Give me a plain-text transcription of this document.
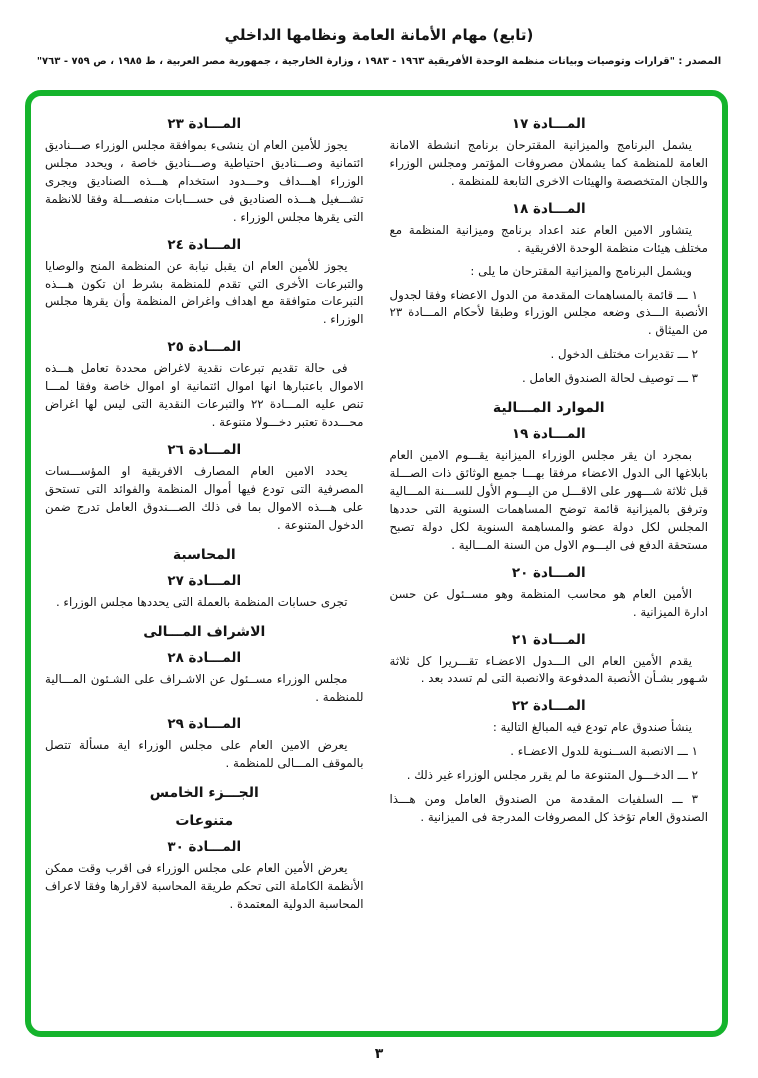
(تابع) مهام الأمانة العامة ونظامها الداخلي
المصدر : "قرارات وتوصيات وبيانات منظمة الوحدة الأفريقية ١٩٦٣ - ١٩٨٣ ، وزارة الخارجية ، جمهورية مصر العربية ، ط ١٩٨٥ ، ص ٧٥٩ - ٧٦٣"
المـــادة ١٧
يشمل البرنامج والميزانية المقترحان برنامج انشطة الامانة العامة للمنظمة كما يشملان مصروفات المؤتمر ومجلس الوزراء واللجان المتخصصة والهيئات الاخرى التابعة للمنظمة .
المـــادة ١٨
يتشاور الامين العام عند اعداد برنامج وميزانية المنظمة مع مختلف هيئات منظمة الوحدة الافريقية .
ويشمل البرنامج والميزانية المقترحان ما يلى :
١ ـــ قائمة بالمساهمات المقدمة من الدول الاعضاء وفقا لجدول الأنصبة الـــذى وضعه مجلس الوزراء وطبقا لأحكام المـــادة ٢٣ من الميثاق .
٢ ـــ تقديرات مختلف الدخول .
٣ ـــ توصيف لحالة الصندوق العامل .
الموارد المـــالية
المـــادة ١٩
بمجرد ان يقر مجلس الوزراء الميزانية يقـــوم الامين العام بابلاغها الى الدول الاعضاء مرفقا بهـــا جميع الوثائق ذات الصـــلة قبل ثلاثة شـــهور على الاقـــل من اليـــوم الأول للســـنة المـــالية وترفق بالميزانية قائمة توضح المساهمات السنوية التى حددها المجلس لكل دولة عضو والمساهمة السنوية لكل دولة تصبح مستحقة الدفع فى اليـــوم الاول من السنة المـــالية .
المـــادة ٢٠
الأمين العام هو محاسب المنظمة وهو مســئول عن حسن ادارة الميزانية .
المـــادة ٢١
يقدم الأمين العام الى الـــدول الاعضـاء تقـــريرا كل ثلاثة شـهور بشـأن الأنصبة المدفوعة والانصبة التى لم تسدد بعد .
المـــادة ٢٢
ينشأ صندوق عام تودع فيه المبالغ التالية :
١ ـــ الانصبة الســنوية للدول الاعضـاء .
٢ ـــ الدخـــول المتنوعة ما لم يقرر مجلس الوزراء غير ذلك .
٣ ـــ السلفيات المقدمة من الصندوق العامل ومن هـــذا الصندوق العام تؤخذ كل المصروفات المدرجة فى الميزانية .
المـــادة ٢٣
يجوز للأمين العام ان ينشىء بموافقة مجلس الوزراء صـــناديق ائتمانية وصـــناديق احتياطية وصـــناديق خاصة ، ويحدد مجلس الوزراء اهـــداف وحـــدود استخدام هـــذه الصناديق ويجرى تشـــغيل هـــذه الصناديق فى حســـابات منفصـــلة وفقا للانظمة التى يقرها مجلس الوزراء .
المـــادة ٢٤
يجوز للأمين العام ان يقبل نيابة عن المنظمة المنح والوصايا والتبرعات الأخرى التي تقدم للمنظمة بشرط ان تكون هـــذه التبرعات متوافقة مع اهداف واغراض المنظمة وأن يقرها مجلس الوزراء .
المـــادة ٢٥
فى حالة تقديم تبرعات نقدية لاغراض محددة تعامل هـــذه الاموال باعتبارها انها اموال ائتمانية او اموال خاصة وفقا لمـــا تنص عليه المـــادة ٢٢ والتبرعات النقدية التى ليس لها اغراض محـــددة تعتبر دخـــولا متنوعة .
المـــادة ٢٦
يحدد الامين العام المصارف الافريقية او المؤســـسات المصرفية التى تودع فيها أموال المنظمة والفوائد التى تستحق على هـــذه الاموال بما فى ذلك الصـــندوق العامل تدرج ضمن الدخول المتنوعة .
المحاسبة
المـــادة ٢٧
تجرى حسابات المنظمة بالعملة التى يحددها مجلس الوزراء .
الاشراف المـــالى
المـــادة ٢٨
مجلس الوزراء مســئول عن الاشـراف على الشـئون المـــالية للمنظمة .
المـــادة ٢٩
يعرض الامين العام على مجلس الوزراء اية مسألة تتصل بالموقف المـــالى للمنظمة .
الجـــزء الخامس
متنوعات
المـــادة ٣٠
يعرض الأمين العام على مجلس الوزراء فى اقرب وقت ممكن الأنظمة الكاملة التى تحكم طريقة المحاسبة لاقرارها وفقا لاعراف المحاسبة الدولية المعتمدة .
٣
